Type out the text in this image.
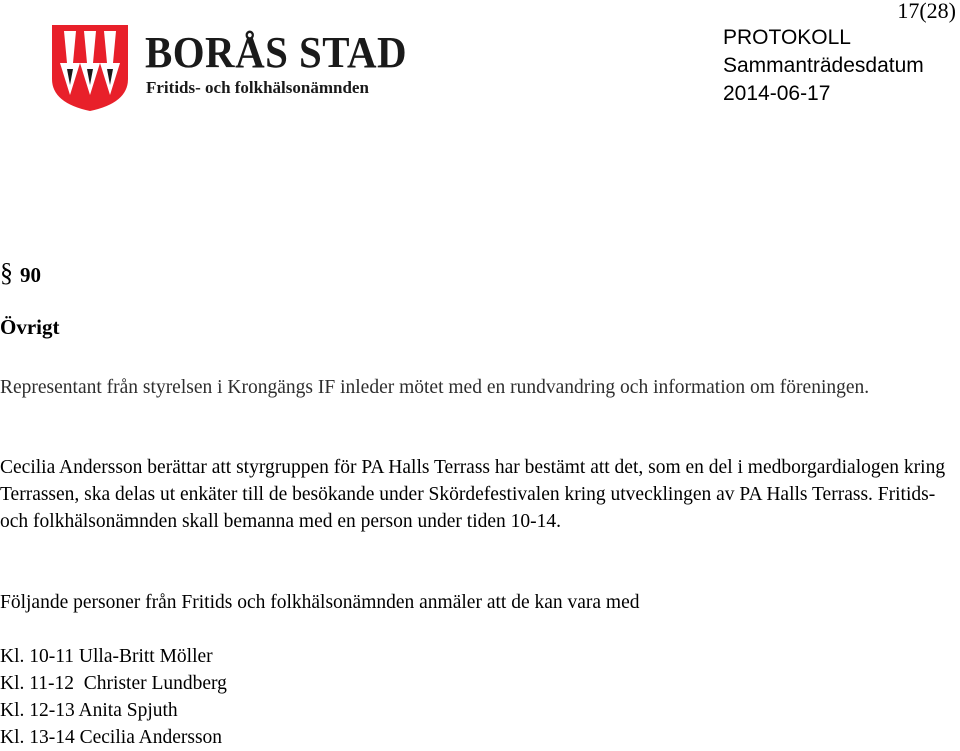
17(28)
BORÅS STAD
Fritids- och folkhälsonämnden
PROTOKOLL
Sammanträdesdatum
2014-06-17
§ 90
Övrigt

Representant från styrelsen i Krongängs IF inleder mötet med en rundvandring och information om föreningen.

Cecilia Andersson berättar att styrgruppen för PA Halls Terrass har bestämt att det, som en del i medborgardialogen kring Terrassen, ska delas ut enkäter till de besökande under Skördefestivalen kring utvecklingen av PA Halls Terrass. Fritids- och folkhälsonämnden skall bemanna med en person under tiden 10-14.

Följande personer från Fritids och folkhälsonämnden anmäler att de kan vara med

Kl. 10-11 Ulla-Britt Möller
Kl. 11-12  Christer Lundberg
Kl. 12-13 Anita Spjuth
Kl. 13-14 Cecilia Andersson
